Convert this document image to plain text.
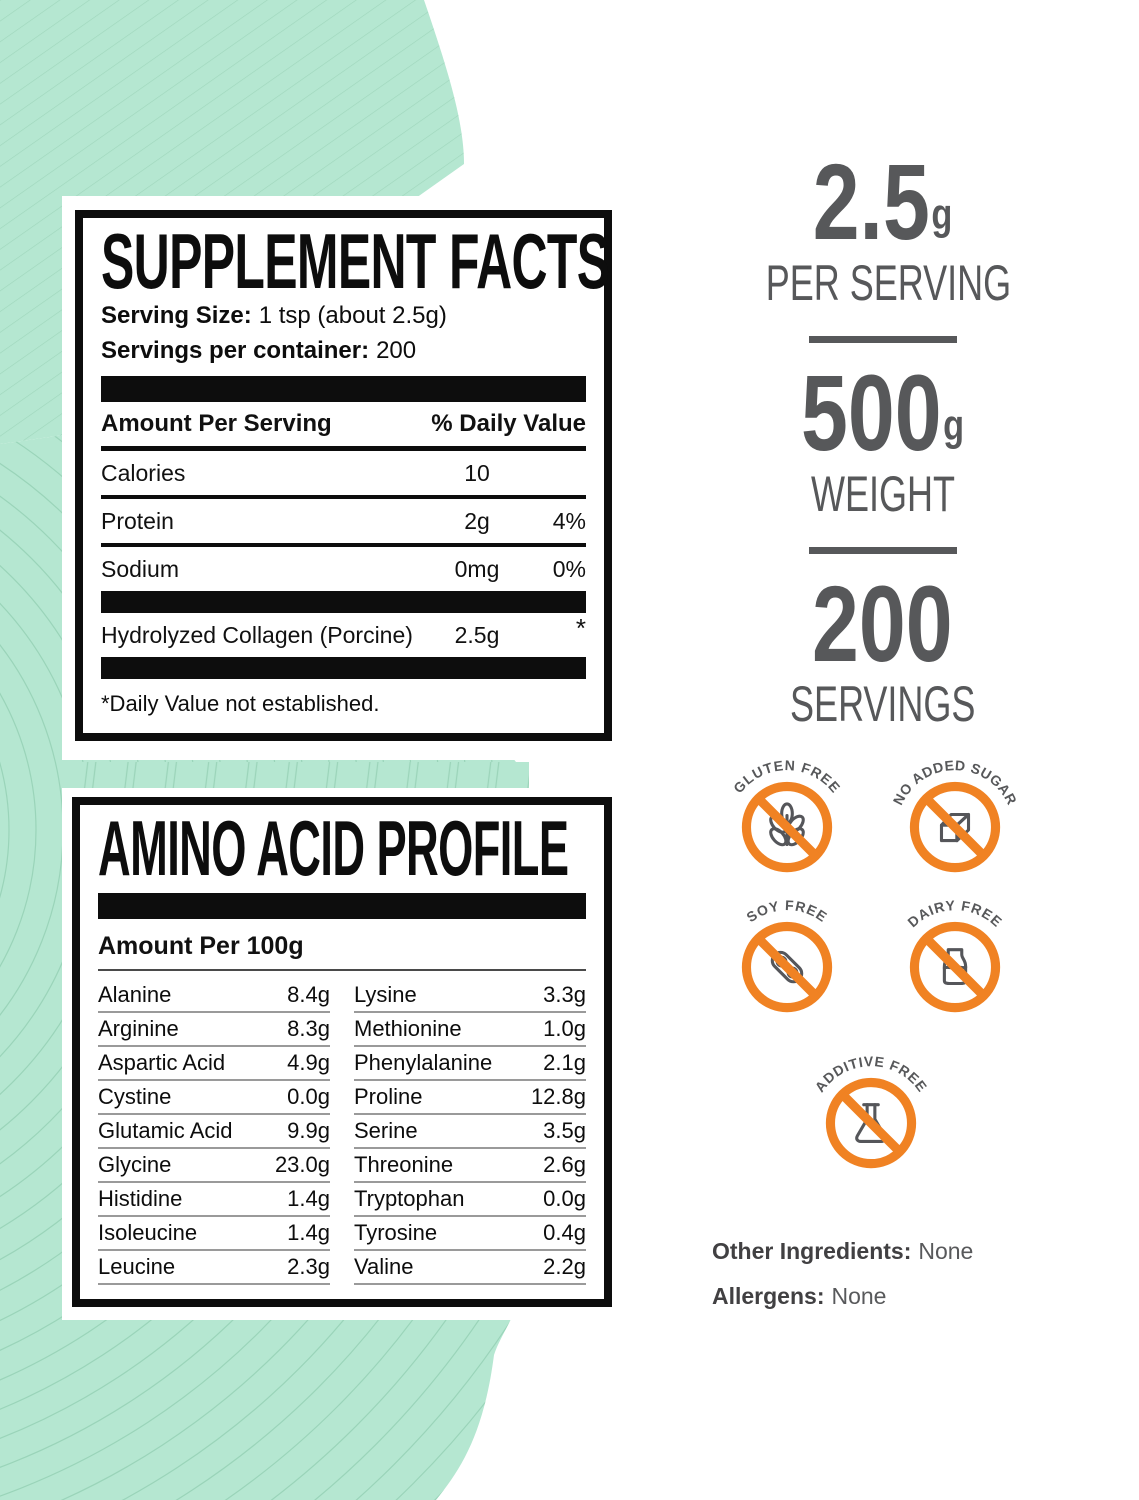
SUPPLEMENT FACTS

Serving Size: 1 tsp (about 2.5g)

Servings per container: 200

Amount Per Serving	% Daily Value
Calories	10
Protein	2g	4%
Sodium	0mg	0%
Hydrolyzed Collagen (Porcine)	2.5g	*

*Daily Value not established.

AMINO ACID PROFILE
Amount Per 100g
Alanine	8.4g
Arginine	8.3g
Aspartic Acid	4.9g
Cystine	0.0g
Glutamic Acid 9.9g
Glycine	23.0g
Histidine	1.4g
Isoleucine	1.4g
Leucine	2.3g
Lysine	3.3g
Methionine	1.0g
Phenylalanine 2.1g
Proline	12.8g
Serine	3.5g
Threonine	2.6g
Tryptophan	0.0g
Tyrosine	0.4g
Valine	2.2g
2.5g
PER SERVING
500g
WEIGHT
200
SERVINGS
GLUTEN FREE
NO ADDED SUGAR
SOY FREE	DAIRY FREE
ADDITIVE FREE

Other Ingredients: None

Allergens: None
